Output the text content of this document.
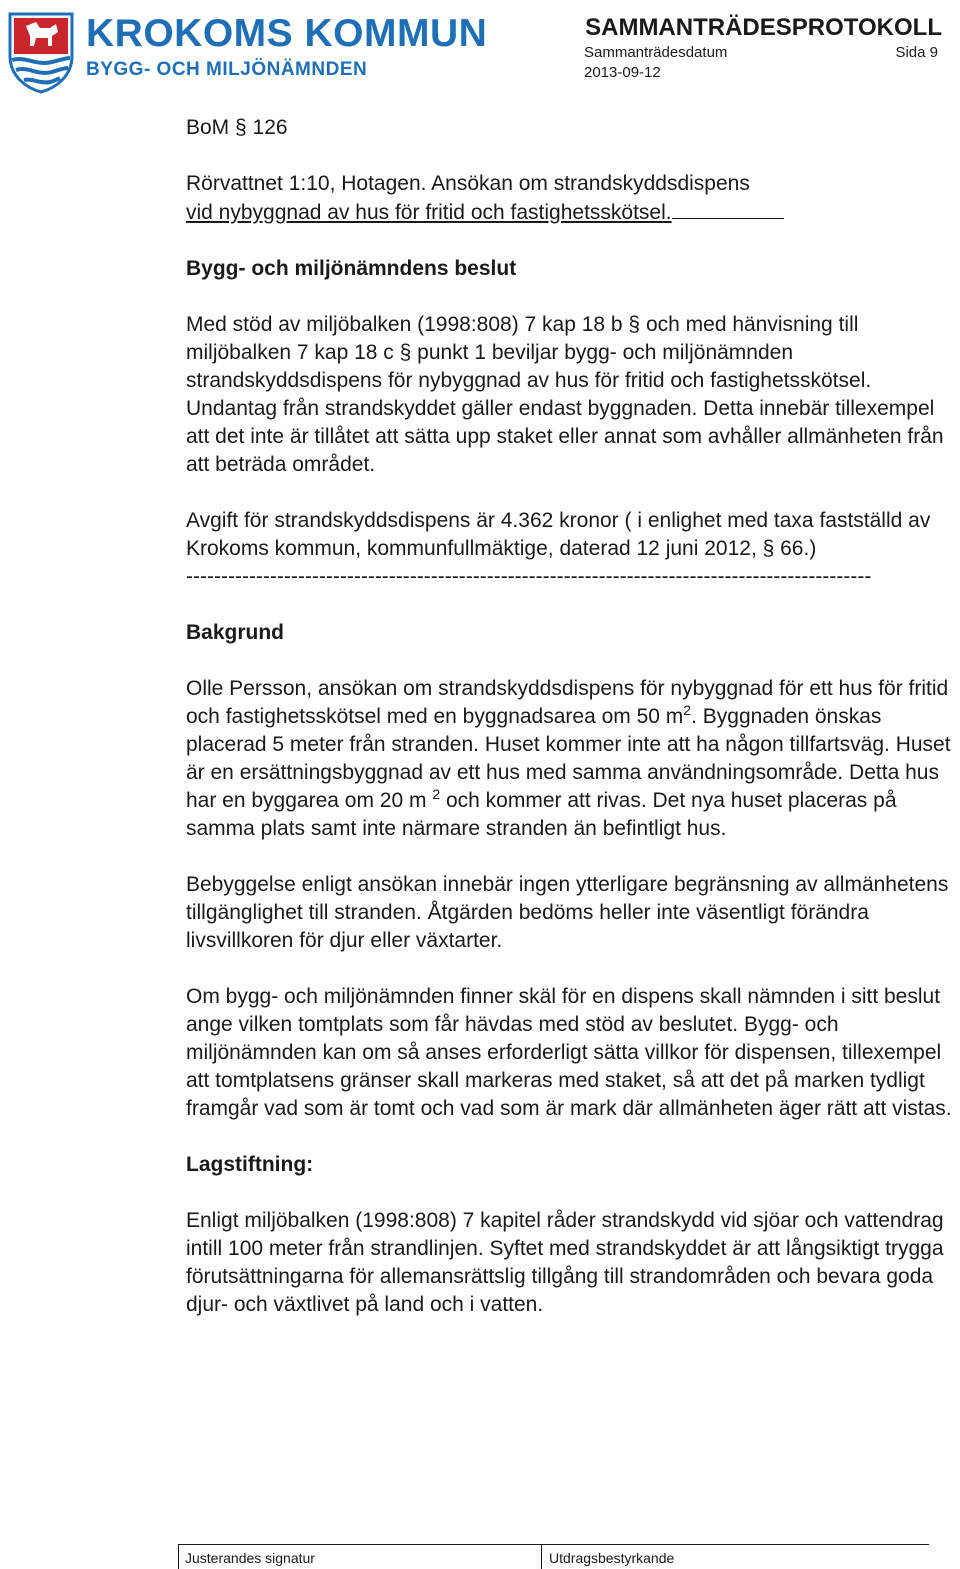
KROKOMS KOMMUN
BYGG- OCH MILJÖNÄMNDEN
SAMMANTRÄDESPROTOKOLL
Sammanträdesdatum	Sida 9
2013-09-12

BoM § 126

Rörvattnet 1:10, Hotagen. Ansökan om strandskyddsdispens
vid nybyggnad av hus för fritid och fastighetsskötsel.

Bygg- och miljönämndens beslut

Med stöd av miljöbalken (1998:808) 7 kap 18 b § och med hänvisning till miljöbalken 7 kap 18 c § punkt 1 beviljar bygg- och miljönämnden strandskyddsdispens för nybyggnad av hus för fritid och fastighetsskötsel. Undantag från strandskyddet gäller endast byggnaden. Detta innebär tillexempel att det inte är tillåtet att sätta upp staket eller annat som avhåller allmänheten från att beträda området.

Avgift för strandskyddsdispens är 4.362 kronor ( i enlighet med taxa fastställd av Krokoms kommun, kommunfullmäktige, daterad 12 juni 2012, § 66.)

--------------------------------------------------------------------------------------------------

Bakgrund

Olle Persson, ansökan om strandskyddsdispens för nybyggnad för ett hus för fritid och fastighetsskötsel med en byggnadsarea om 50 $m^2$. Byggnaden önskas placerad 5 meter från stranden. Huset kommer inte att ha någon tillfartsväg. Huset är en ersättningsbyggnad av ett hus med samma användningsområde. Detta hus har en byggarea om 20 m $^2$ och kommer att rivas. Det nya huset placeras på samma plats samt inte närmare stranden än befintligt hus.

Bebyggelse enligt ansökan innebär ingen ytterligare begränsning av allmänhetens tillgänglighet till stranden. Åtgärden bedöms heller inte väsentligt förändra livsvillkoren för djur eller växtarter.

Om bygg- och miljönämnden finner skäl för en dispens skall nämnden i sitt beslut ange vilken tomtplats som får hävdas med stöd av beslutet. Bygg- och miljönämnden kan om så anses erforderligt sätta villkor för dispensen, tillexempel att tomtplatsens gränser skall markeras med staket, så att det på marken tydligt framgår vad som är tomt och vad som är mark där allmänheten äger rätt att vistas.

Lagstiftning:

Enligt miljöbalken (1998:808) 7 kapitel råder strandskydd vid sjöar och vattendrag intill 100 meter från strandlinjen. Syftet med strandskyddet är att långsiktigt trygga förutsättningarna för allemansrättslig tillgång till strandområden och bevara goda djur- och växtlivet på land och i vatten.

Justerandes signatur	Utdragsbestyrkande
